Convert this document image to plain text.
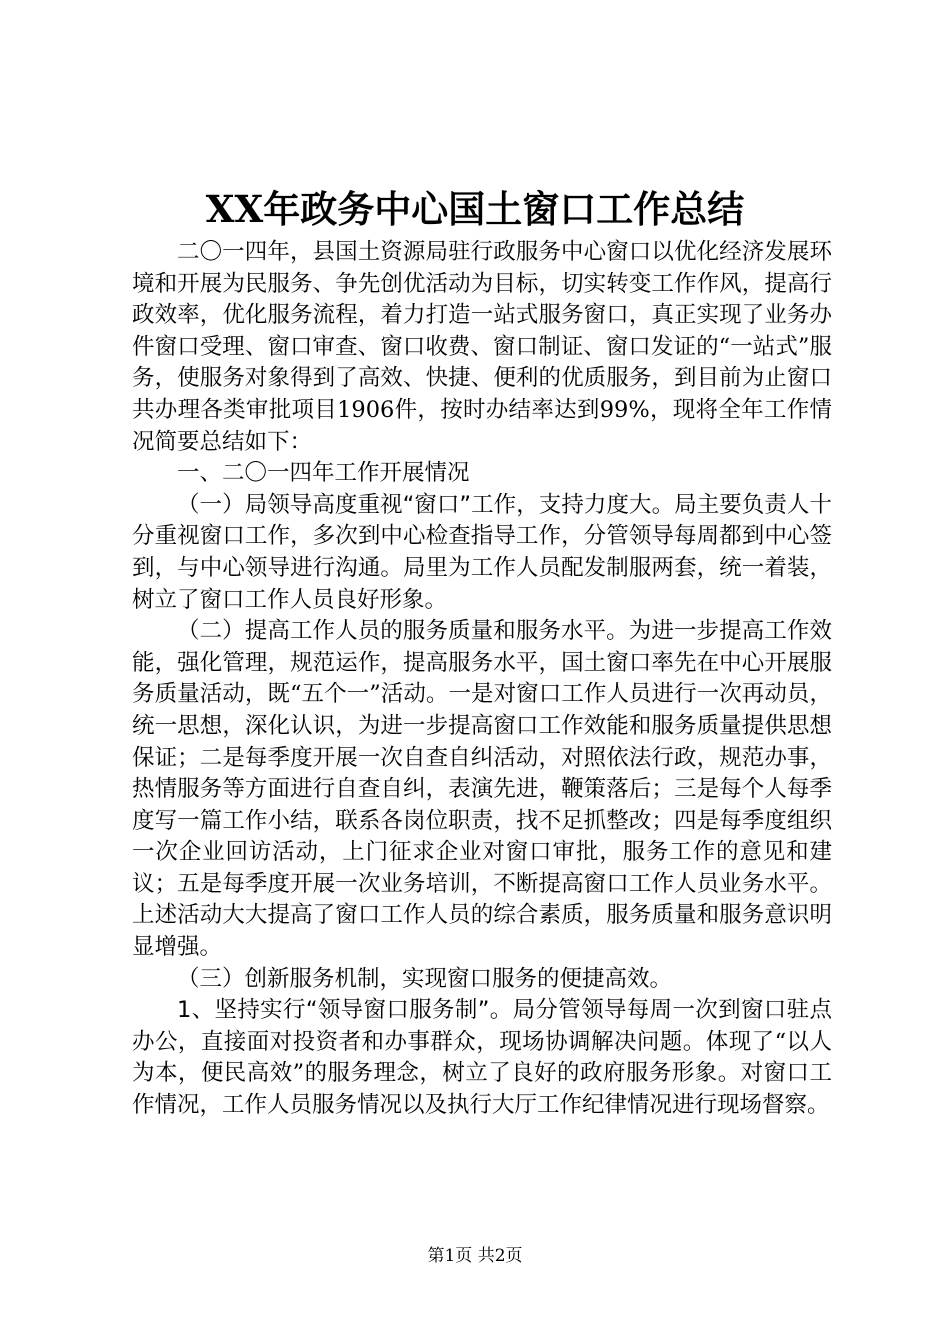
XX年政务中心国土窗口工作总结

二〇一四年，县国土资源局驻行政服务中心窗口以优化经济发展环境和开展为民服务、争先创优活动为目标，切实转变工作作风，提高行政效率，优化服务流程，着力打造一站式服务窗口，真正实现了业务办件窗口受理、窗口审查、窗口收费、窗口制证、窗口发证的“一站式”服务，使服务对象得到了高效、快捷、便利的优质服务，到目前为止窗口共办理各类审批项目1906件，按时办结率达到99%，现将全年工作情况简要总结如下：

一、二〇一四年工作开展情况

（一）局领导高度重视“窗口”工作，支持力度大。局主要负责人十分重视窗口工作，多次到中心检查指导工作，分管领导每周都到中心签到，与中心领导进行沟通。局里为工作人员配发制服两套，统一着装，树立了窗口工作人员良好形象。

（二）提高工作人员的服务质量和服务水平。为进一步提高工作效能，强化管理，规范运作，提高服务水平，国土窗口率先在中心开展服务质量活动，既“五个一”活动。一是对窗口工作人员进行一次再动员，统一思想，深化认识，为进一步提高窗口工作效能和服务质量提供思想保证；二是每季度开展一次自查自纠活动，对照依法行政，规范办事，热情服务等方面进行自查自纠，表演先进，鞭策落后；三是每个人每季度写一篇工作小结，联系各岗位职责，找不足抓整改；四是每季度组织一次企业回访活动，上门征求企业对窗口审批，服务工作的意见和建议；五是每季度开展一次业务培训，不断提高窗口工作人员业务水平。上述活动大大提高了窗口工作人员的综合素质，服务质量和服务意识明显增强。

（三）创新服务机制，实现窗口服务的便捷高效。

1、坚持实行“领导窗口服务制”。局分管领导每周一次到窗口驻点办公，直接面对投资者和办事群众，现场协调解决问题。体现了“以人为本，便民高效”的服务理念，树立了良好的政府服务形象。对窗口工作情况，工作人员服务情况以及执行大厅工作纪律情况进行现场督察。

第1页 共2页
